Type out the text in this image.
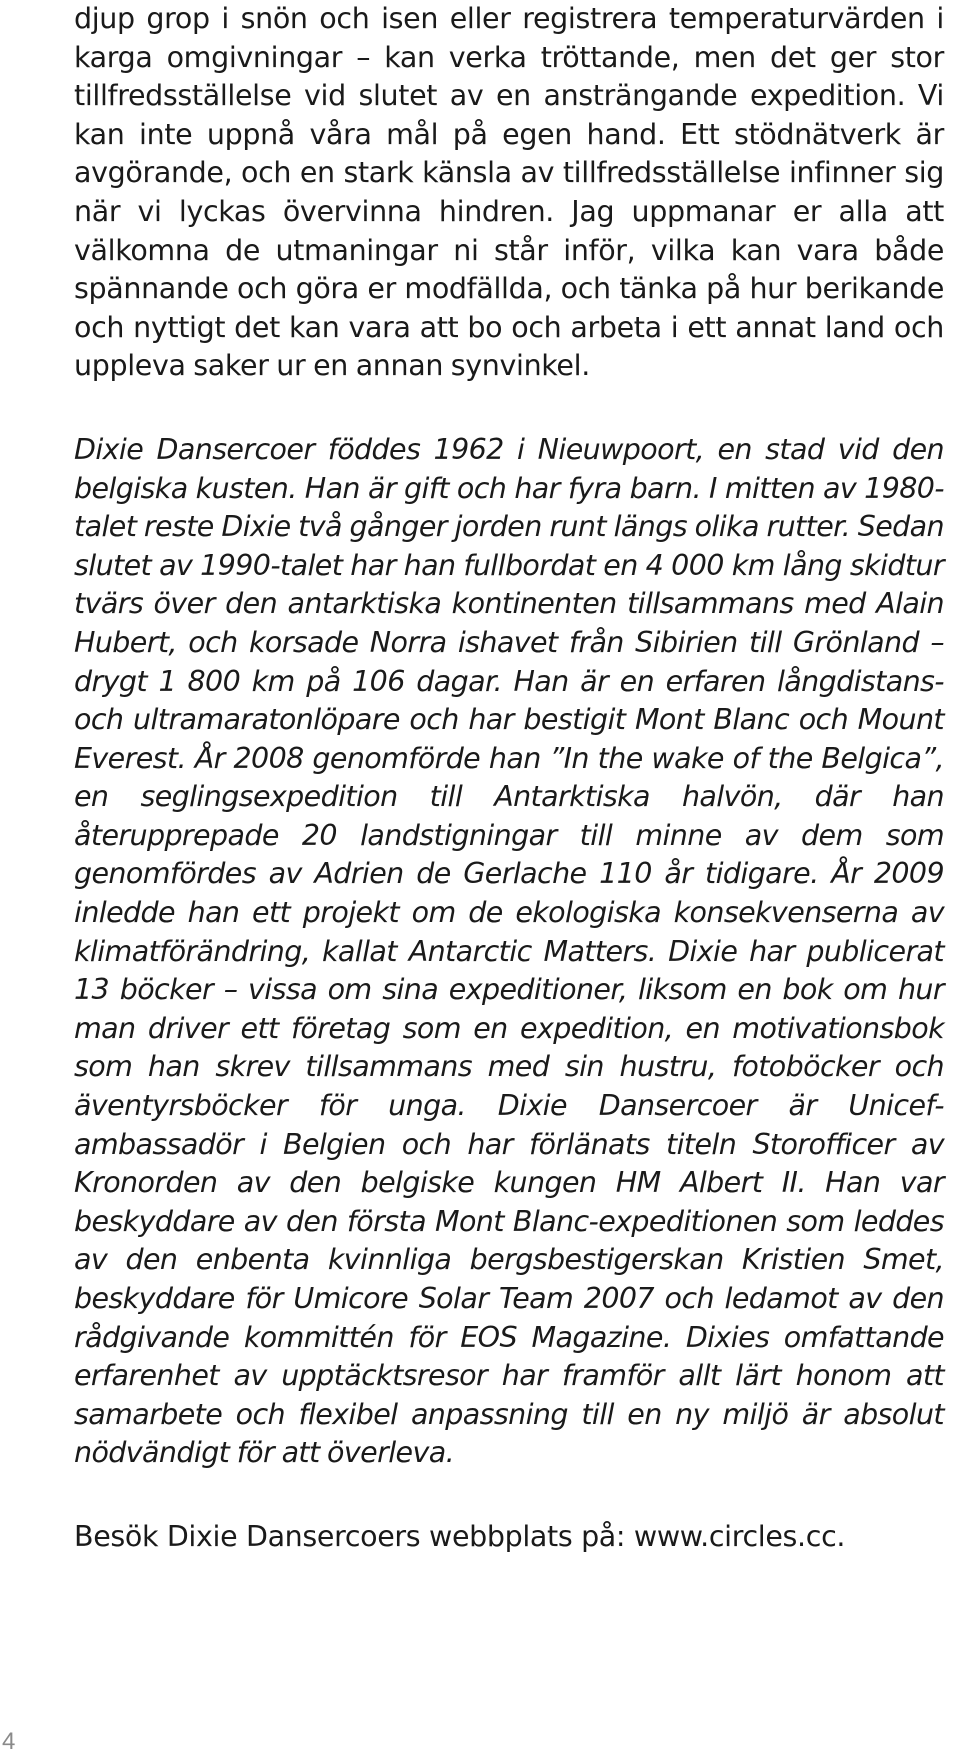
djup grop i snön och isen eller registrera temperaturvärden i karga omgivningar – kan verka tröttande, men det ger stor tillfredsställelse vid slutet av en ansträngande expedition. Vi kan inte uppnå våra mål på egen hand. Ett stödnätverk är avgörande, och en stark känsla av tillfredsställelse infinner sig när vi lyckas övervinna hindren. Jag uppmanar er alla att välkomna de utmaningar ni står inför, vilka kan vara både spännande och göra er modfällda, och tänka på hur berikande och nyttigt det kan vara att bo och arbeta i ett annat land och uppleva saker ur en annan synvinkel.

Dixie Dansercoer föddes 1962 i Nieuwpoort, en stad vid den belgiska kusten. Han är gift och har fyra barn. I mitten av 1980-talet reste Dixie två gånger jorden runt längs olika rutter. Sedan slutet av 1990-talet har han fullbordat en 4 000 km lång skidtur tvärs över den antarktiska kontinenten tillsammans med Alain Hubert, och korsade Norra ishavet från Sibirien till Grönland – drygt 1 800 km på 106 dagar. Han är en erfaren långdistans- och ultramaratonlöpare och har bestigit Mont Blanc och Mount Everest. År 2008 genomförde han ”In the wake of the Belgica”, en seglingsexpedition till Antarktiska halvön, där han återupprepade 20 landstigningar till minne av dem som genomfördes av Adrien de Gerlache 110 år tidigare. År 2009 inledde han ett projekt om de ekologiska konsekvenserna av klimatförändring, kallat Antarctic Matters. Dixie har publicerat 13 böcker – vissa om sina expeditioner, liksom en bok om hur man driver ett företag som en expedition, en motivationsbok som han skrev tillsammans med sin hustru, fotoböcker och äventyrsböcker för unga. Dixie Dansercoer är Unicef-ambassadör i Belgien och har förlänats titeln Storofficer av Kronorden av den belgiske kungen HM Albert II. Han var beskyddare av den första Mont Blanc-expeditionen som leddes av den enbenta kvinnliga bergsbestigerskan Kristien Smet, beskyddare för Umicore Solar Team 2007 och ledamot av den rådgivande kommittén för EOS Magazine. Dixies omfattande erfarenhet av upptäcktsresor har framför allt lärt honom att samarbete och flexibel anpassning till en ny miljö är absolut nödvändigt för att överleva.

Besök Dixie Dansercoers webbplats på: www.circles.cc.

4
